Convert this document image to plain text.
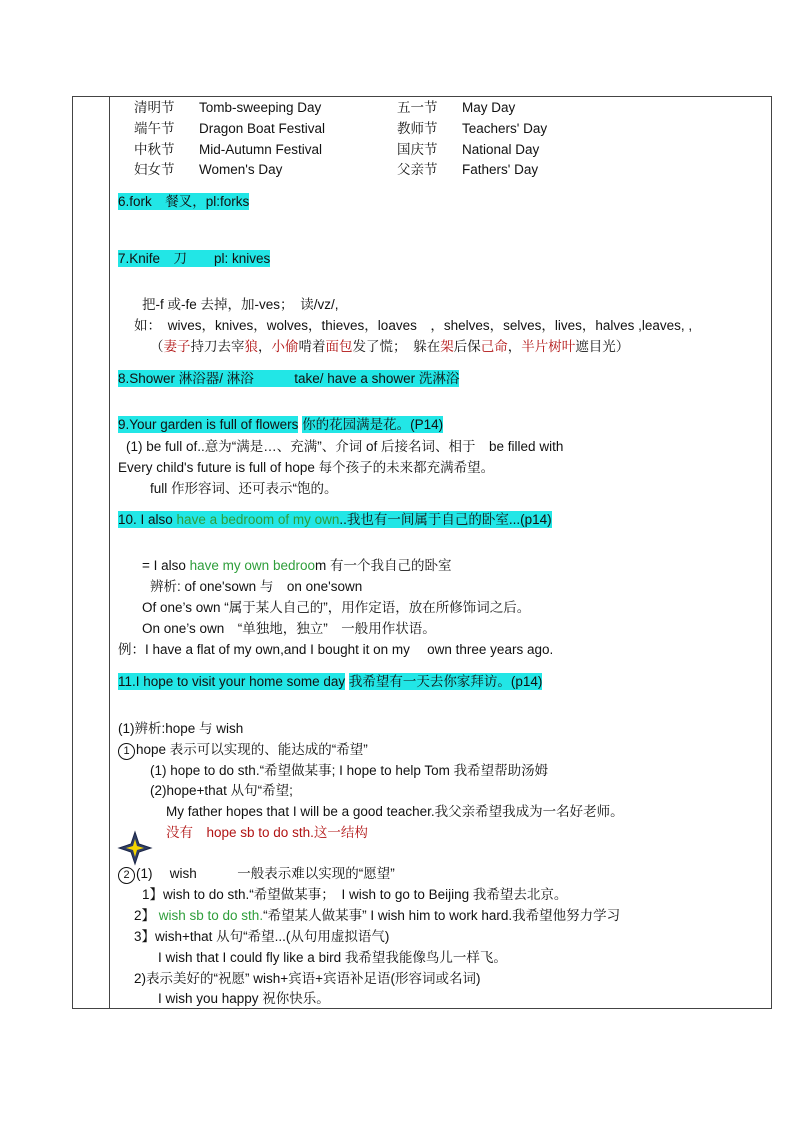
清明节 Tomb-sweeping Day
端午节 Dragon Boat Festival
中秋节 Mid-Autumn Festival
妇女节 Women's Day
五一节 May Day
教师节 Teachers' Day
国庆节 National Day
父亲节 Fathers' Day
6.fork　餐叉，pl:forks
7.Knife　刀　　pl: knives
把-f 或-fe 去掉，加-ves；　读/vz/,
如：　wives，knives，wolves，thieves，loaves　，shelves，selves，lives，halves ,leaves, ,
（妻子持刀去宰狼，小偷啃着面包发了慌；　躲在架后保己命，半片树叶遮目光）
8.Shower 淋浴器/ 淋浴　　　take/ have a shower 洗淋浴
9.Your garden is full of flowers 你的花园满是花。(P14)
(1) be full of..意为“满是…、充满”、介词 of 后接名词、相于　be filled with
Every child's future is full of hope 每个孩子的未来都充满希望。
full 作形容词、还可表示“饱的。
10. I also have a bedroom of my own..我也有一间属于自己的卧室...(p14)
= I also have my own bedroom 有一个我自己的卧室
辨析: of one'sown 与　on one'sown
Of one’s own “属于某人自己的”，用作定语，放在所修饰词之后。
On one’s own　“单独地，独立”　一般用作状语。
例：I have a flat of my own,and I bought it on my　 own three years ago.
11.I hope to visit your home some day 我希望有一天去你家拜访。(p14)
(1)辨析:hope 与 wish
1 hope 表示可以实现的、能达成的“希望”
(1) hope to do sth.“希望做某事; I hope to help Tom 我希望帮助汤姆
(2)hope+that 从句“希望;
My father hopes that I will be a good teacher.我父亲希望我成为一名好老师。
没有　hope sb to do sth.这一结构
2 (1)　 wish　　　一般表示难以实现的“愿望”
1】wish to do sth.“希望做某事；　I wish to go to Beijing 我希望去北京。
2】 wish sb to do sth.“希望某人做某事” I wish him to work hard.我希望他努力学习
3】wish+that 从句“希望...(从句用虚拟语气)
I wish that I could fly like a bird 我希望我能像鸟儿一样飞。
2)表示美好的“祝愿” wish+宾语+宾语补足语(形容词或名词)
I wish you happy 祝你快乐。
